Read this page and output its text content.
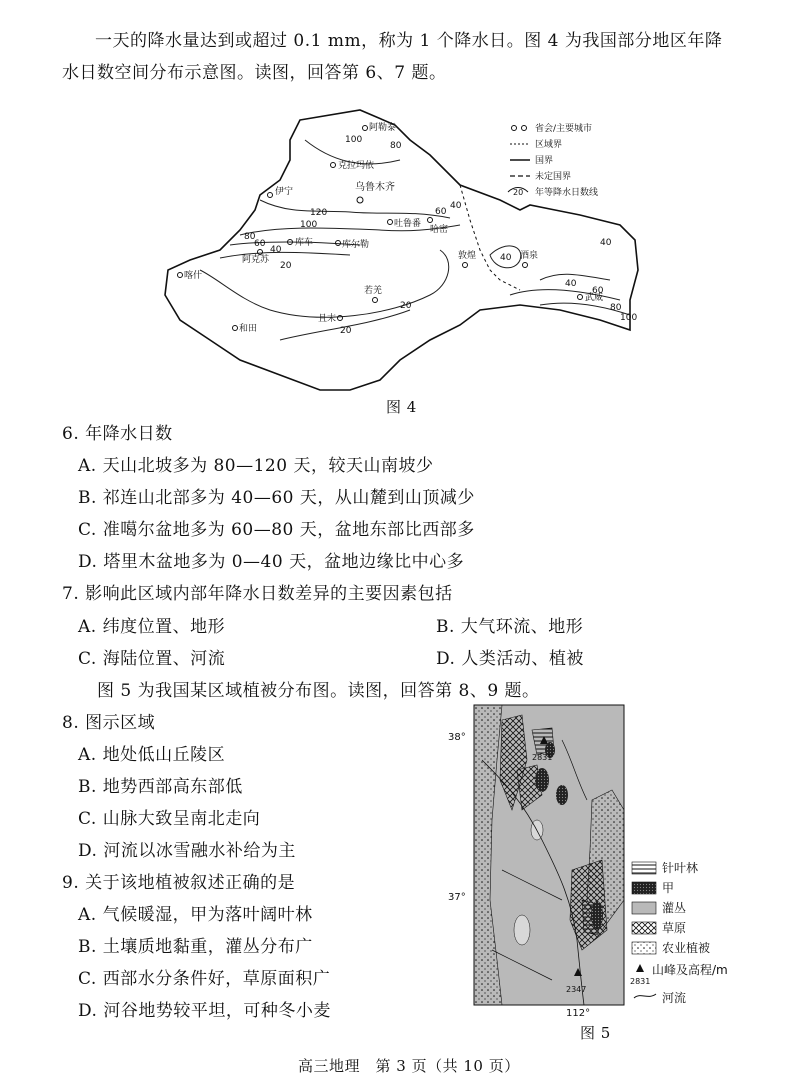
一天的降水量达到或超过 0.1 mm，称为 1 个降水日。图 4 为我国部分地区年降
水日数空间分布示意图。读图，回答第 6、7 题。
阿勒泰
克拉玛依
乌鲁木齐
伊宁
吐鲁番
哈密
库车	库尔勒
阿克苏
喀什
敦煌	酒泉
武威
若羌
且末
和田
100
80
120
100
80
60
40
20
60
40
40
20
40
60
80
100
20
40
省会/主要城市
区域界
国界
未定国界
20 年等降水日数线
图 4
6. 年降水日数
A. 天山北坡多为 80—120 天，较天山南坡少
B. 祁连山北部多为 40—60 天，从山麓到山顶减少
C. 准噶尔盆地多为 60—80 天，盆地东部比西部多
D. 塔里木盆地多为 0—40 天，盆地边缘比中心多
7. 影响此区域内部年降水日数差异的主要因素包括
A. 纬度位置、地形	B. 大气环流、地形
C. 海陆位置、河流	D. 人类活动、植被
图 5 为我国某区域植被分布图。读图，回答第 8、9 题。
8. 图示区域
A. 地处低山丘陵区
B. 地势西部高东部低
C. 山脉大致呈南北走向
D. 河流以冰雪融水补给为主
9. 关于该地植被叙述正确的是
A. 气候暖湿，甲为落叶阔叶林
B. 土壤质地黏重，灌丛分布广
C. 西部水分条件好，草原面积广
D. 河谷地势较平坦，可种冬小麦
2831
2347
38°
37°
112°
针叶林
甲
灌丛
草原
农业植被
2831
山峰及高程/m
河流
图 5
高三地理　第 3 页（共 10 页）
